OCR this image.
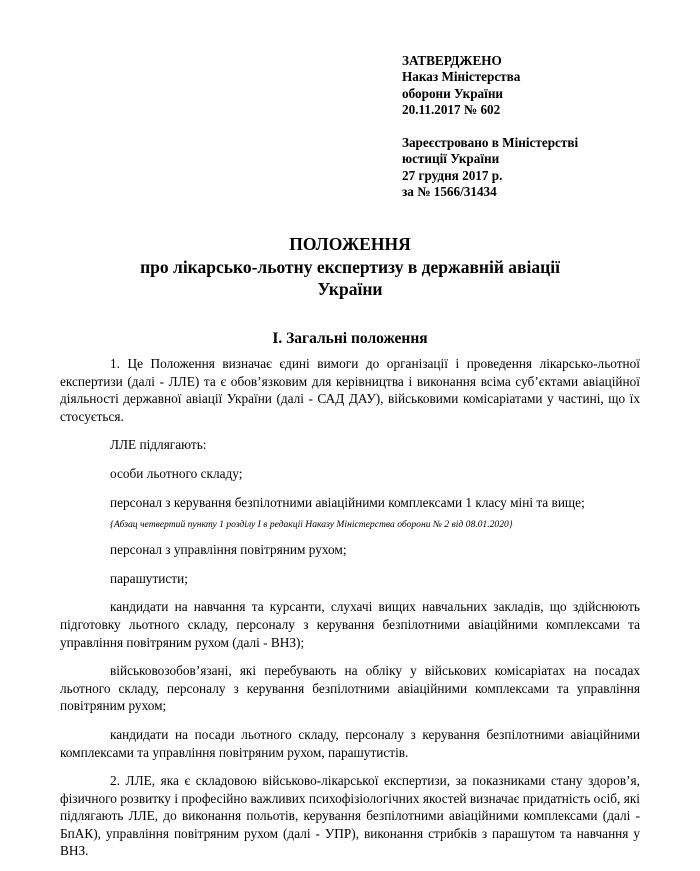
ЗАТВЕРДЖЕНО
Наказ Міністерства
оборони України
20.11.2017 № 602
Зареєстровано в Міністерстві
юстиції України
27 грудня 2017 р.
за № 1566/31434
ПОЛОЖЕННЯ
про лікарсько-льотну експертизу в державній авіації
України
I. Загальні положення

1. Це Положення визначає єдині вимоги до організації і проведення лікарсько-льотної експертизи (далі - ЛЛЕ) та є обов’язковим для керівництва і виконання всіма суб’єктами авіаційної діяльності державної авіації України (далі - САД ДАУ), військовими комісаріатами у частині, що їх стосується.

ЛЛЕ підлягають:

особи льотного складу;

персонал з керування безпілотними авіаційними комплексами 1 класу міні та вище;

{Абзац четвертий пункту 1 розділу I в редакції Наказу Міністерства оборони № 2 від 08.01.2020}

персонал з управління повітряним рухом;

парашутисти;

кандидати на навчання та курсанти, слухачі вищих навчальних закладів, що здійснюють підготовку льотного складу, персоналу з керування безпілотними авіаційними комплексами та управління повітряним рухом (далі - ВНЗ);

військовозобов’язані, які перебувають на обліку у військових комісаріатах на посадах льотного складу, персоналу з керування безпілотними авіаційними комплексами та управління повітряним рухом;

кандидати на посади льотного складу, персоналу з керування безпілотними авіаційними комплексами та управління повітряним рухом, парашутистів.

2. ЛЛЕ, яка є складовою військово-лікарської експертизи, за показниками стану здоров’я, фізичного розвитку і професійно важливих психофізіологічних якостей визначає придатність осіб, які підлягають ЛЛЕ, до виконання польотів, керування безпілотними авіаційними комплексами (далі - БпАК), управління повітряним рухом (далі - УПР), виконання стрибків з парашутом та навчання у ВНЗ.
